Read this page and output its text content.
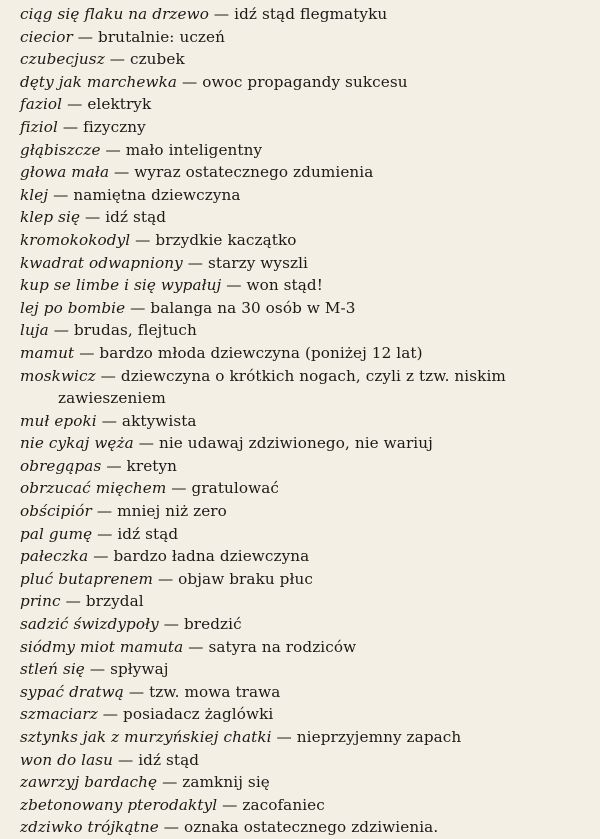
ciąg się flaku na drzewo — idź stąd flegmatyku
ciecior — brutalnie: uczeń
czubecjusz — czubek
dęty jak marchewka — owoc propagandy sukcesu
faziol — elektryk
fiziol — fizyczny
głąbiszcze — mało inteligentny
głowa mała — wyraz ostatecznego zdumienia
klej — namiętna dziewczyna
klep się — idź stąd
kromokokodyl — brzydkie kaczątko
kwadrat odwapniony — starzy wyszli
kup se limbe i się wypałuj — won stąd!
lej po bombie — balanga na 30 osób w M-3
luja — brudas, flejtuch
mamut — bardzo młoda dziewczyna (poniżej 12 lat)
moskwicz — dziewczyna o krótkich nogach, czyli z tzw. niskim zawieszeniem
muł epoki — aktywista
nie cykaj węża — nie udawaj zdziwionego, nie wariuj
obregąpas — kretyn
obrzucać mięchem — gratulować
obścipiór — mniej niż zero
pal gumę — idź stąd
pałeczka — bardzo ładna dziewczyna
pluć butaprenem — objaw braku płuc
princ — brzydal
sadzić świzdypoły — bredzić
siódmy miot mamuta — satyra na rodziców
stleń się — spływaj
sypać dratwą — tzw. mowa trawa
szmaciarz — posiadacz żaglówki
sztynks jak z murzyńskiej chatki — nieprzyjemny zapach
won do lasu — idź stąd
zawrzyj bardachę — zamknij się
zbetonowany pterodaktyl — zacofaniec
zdziwko trójkątne — oznaka ostatecznego zdziwienia.
